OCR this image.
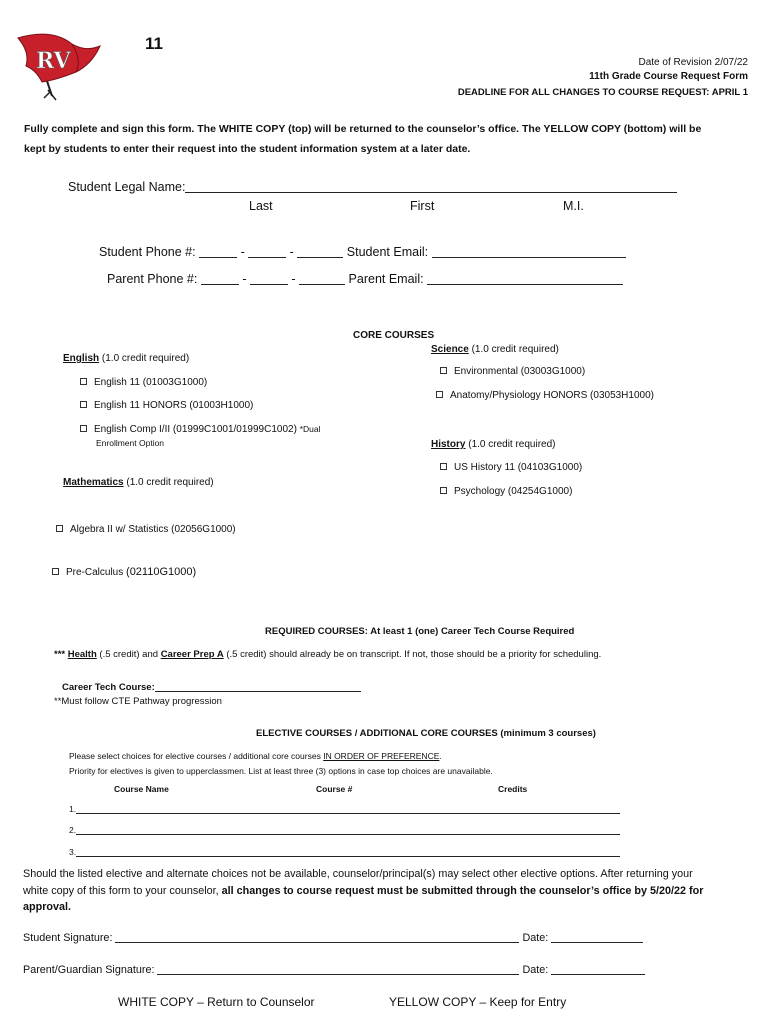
RV
11
Date of Revision 2/07/22
11th Grade Course Request Form
DEADLINE FOR ALL CHANGES TO COURSE REQUEST: APRIL 1
Fully complete and sign this form. The WHITE COPY (top) will be returned to the counselor’s office. The YELLOW COPY (bottom) will be
kept by students to enter their request into the student information system at a later date.
Student Legal Name:
Last	First	M.I.
Student Phone #:	-	-	Student Email:
Parent Phone #:	-	-	Parent Email:
CORE COURSES
English (1.0 credit required)
English 11 (01003G1000)
English 11 HONORS (01003H1000)
English Comp I/II (01999C1001/01999C1002) *Dual
Enrollment Option
Mathematics (1.0 credit required)
Algebra II w/ Statistics (02056G1000)
Pre-Calculus (02110G1000)
Science (1.0 credit required)
Environmental (03003G1000)
Anatomy/Physiology HONORS (03053H1000)
History (1.0 credit required)
US History 11 (04103G1000)
Psychology (04254G1000)
REQUIRED COURSES: At least 1 (one) Career Tech Course Required
*** Health (.5 credit) and Career Prep A (.5 credit) should already be on transcript. If not, those should be a priority for scheduling.
Career Tech Course:
**Must follow CTE Pathway progression
ELECTIVE COURSES / ADDITIONAL CORE COURSES (minimum 3 courses)
Please select choices for elective courses / additional core courses IN ORDER OF PREFERENCE.
Priority for electives is given to upperclassmen. List at least three (3) options in case top choices are unavailable.
Course Name	Course #	Credits
1.
2.
3.
Should the listed elective and alternate choices not be available, counselor/principal(s) may select other elective options. After returning your
white copy of this form to your counselor, all changes to course request must be submitted through the counselor’s office by 5/20/22 for
approval.
Student Signature:	Date:
Parent/Guardian Signature:	Date:
WHITE COPY – Return to Counselor	YELLOW COPY – Keep for Entry
